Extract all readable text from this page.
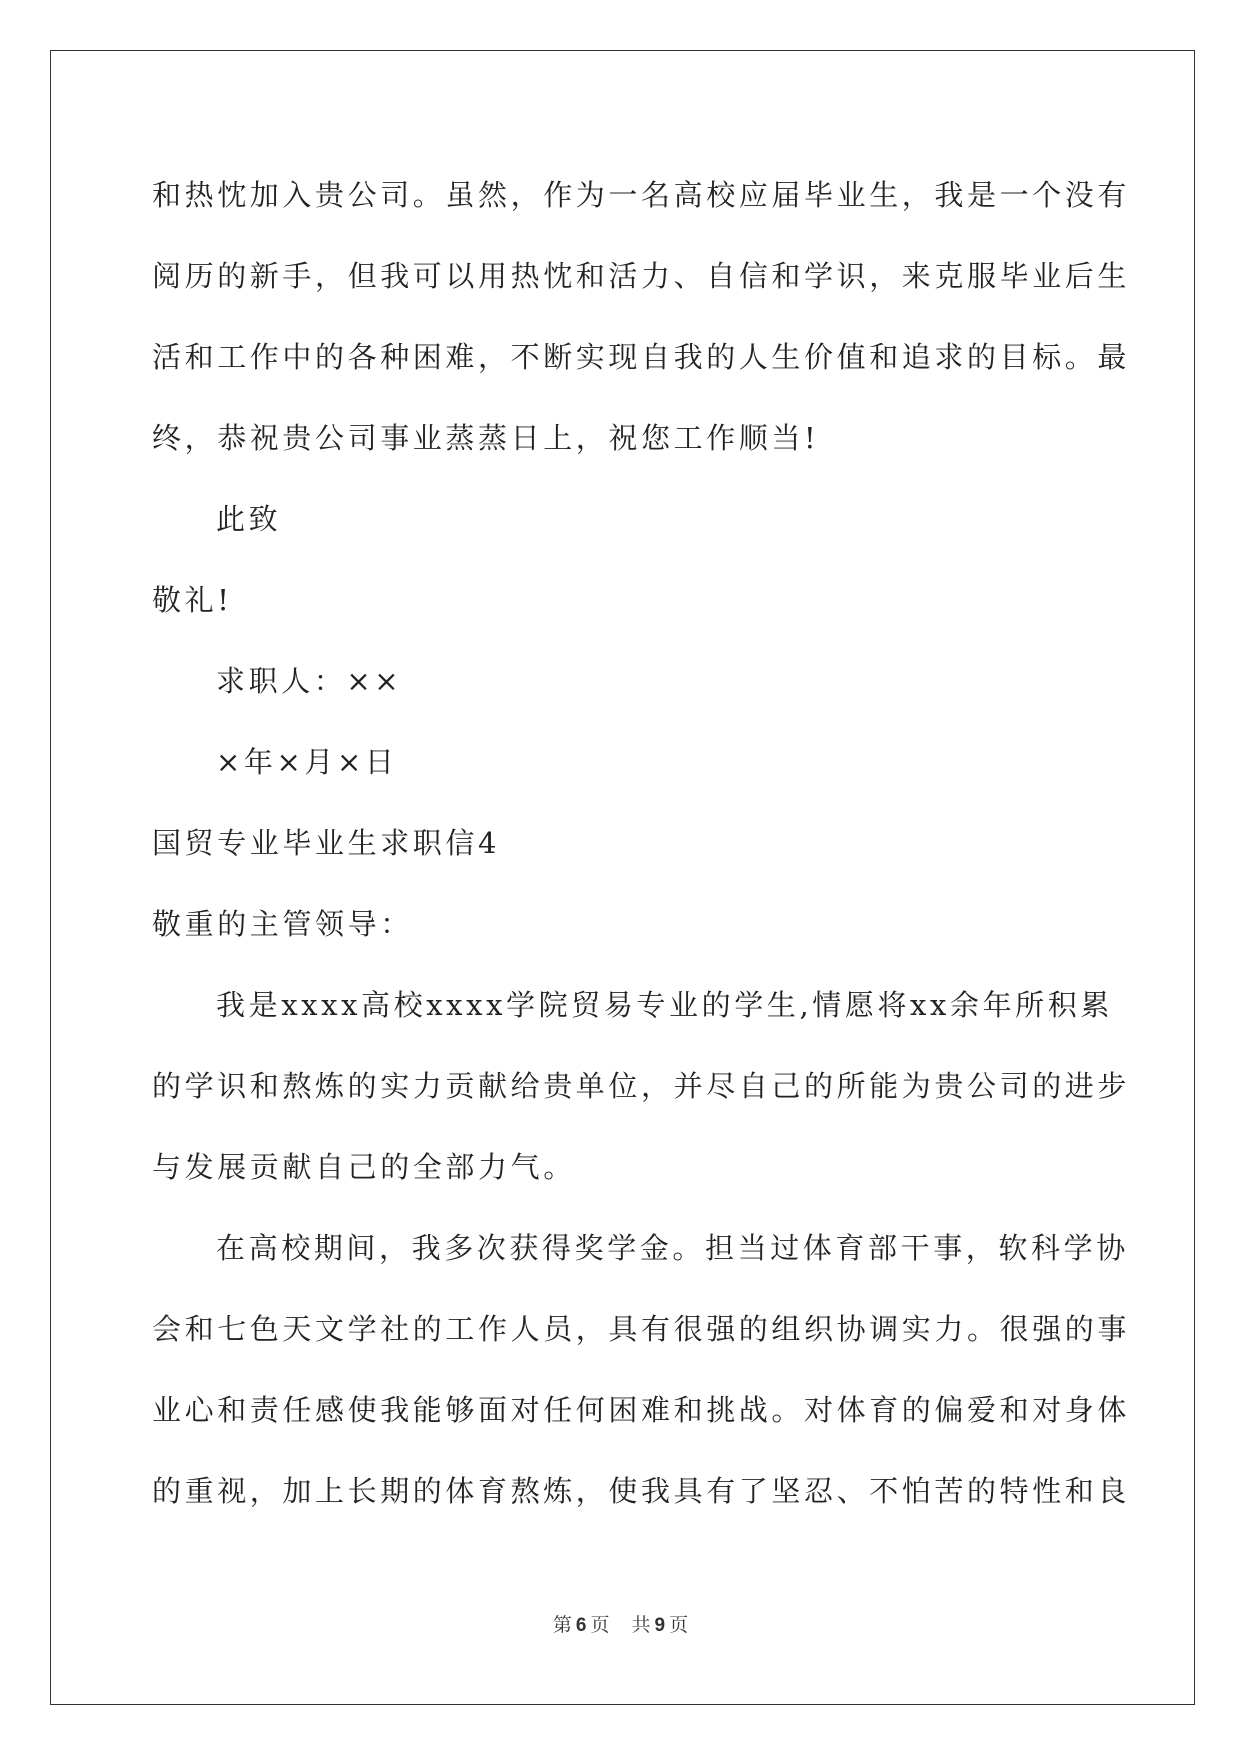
和热忱加入贵公司。虽然，作为一名高校应届毕业生，我是一个没有
阅历的新手，但我可以用热忱和活力、自信和学识，来克服毕业后生
活和工作中的各种困难，不断实现自我的人生价值和追求的目标。最
终，恭祝贵公司事业蒸蒸日上，祝您工作顺当!
此致
敬礼!
求职人：××
×年×月×日
国贸专业毕业生求职信4
敬重的主管领导：
我是xxxx高校xxxx学院贸易专业的学生,情愿将xx余年所积累
的学识和熬炼的实力贡献给贵单位，并尽自己的所能为贵公司的进步
与发展贡献自己的全部力气。
在高校期间，我多次获得奖学金。担当过体育部干事，软科学协
会和七色天文学社的工作人员，具有很强的组织协调实力。很强的事
业心和责任感使我能够面对任何困难和挑战。对体育的偏爱和对身体
的重视，加上长期的体育熬炼，使我具有了坚忍、不怕苦的特性和良
第 6 页 共 9 页
